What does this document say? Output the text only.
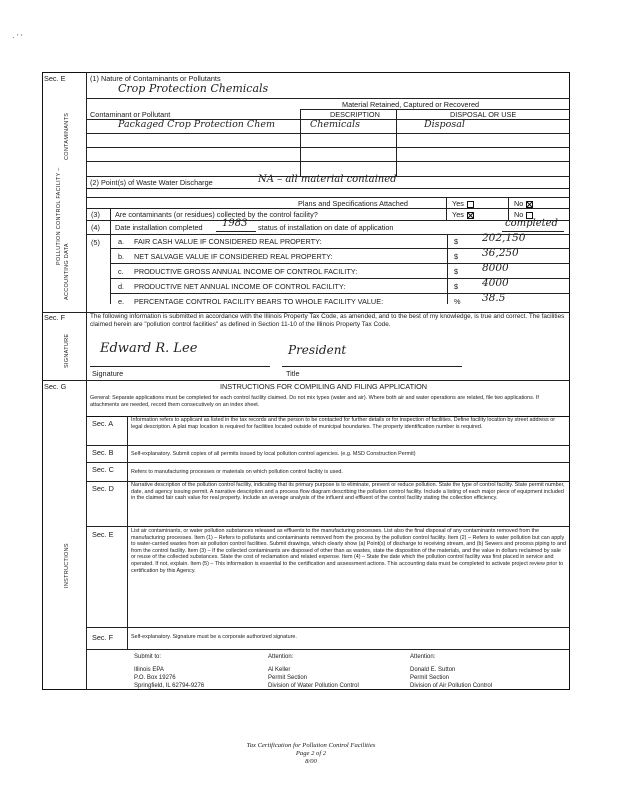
· ’ ‘
Sec. E
Sec. F
Sec. G
CONTAMINANTS
POLLUTION CONTROL FACILITY –
ACCOUNTING DATA
SIGNATURE
INSTRUCTIONS
(1) Nature of Contaminants or Pollutants
Crop Protection Chemicals
Material Retained, Captured or Recovered
Contaminant or Pollutant	DESCRIPTION	DISPOSAL OR USE
Packaged Crop Protection Chem	Chemicals	Disposal
(2) Point(s) of Waste Water Discharge	NA – all material contained
Plans and Specifications Attached	Yes	No
(3) Are contaminants (or residues) collected by the control facility?	Yes	No
(4) Date installation completed 1983 status of installation on date of application	completed
(5) a. FAIR CASH VALUE IF CONSIDERED REAL PROPERTY:	$ 202,150
b. NET SALVAGE VALUE IF CONSIDERED REAL PROPERTY:	$ 36,250
c. PRODUCTIVE GROSS ANNUAL INCOME OF CONTROL FACILITY:	$ 8000
d. PRODUCTIVE NET ANNUAL INCOME OF CONTROL FACILITY:	$ 4000
e. PERCENTAGE CONTROL FACILITY BEARS TO WHOLE FACILITY VALUE:	% 38.5
The following information is submitted in accordance with the Illinois Property Tax Code, as amended, and to the best of my knowledge, is true and correct. The facilities claimed herein are "pollution control facilities" as defined in Section 11-10 of the Illinois Property Tax Code.
Edward R. Lee	President
Signature	Title
INSTRUCTIONS FOR COMPILING AND FILING APPLICATION
General: Separate applications must be completed for each control facility claimed. Do not mix types (water and air). Where both air and water operations are related, file two applications. If attachments are needed, record them consecutively on an index sheet.
Sec. A	Information refers to applicant as listed in the tax records and the person to be contacted for further details or for inspection of facilities. Define facility location by street address or legal description. A plat map location is required for facilities located outside of municipal boundaries. The property identification number is required.
Sec. B	Self-explanatory. Submit copies of all permits issued by local pollution control agencies. (e.g. MSD Construction Permit)
Sec. C	Refers to manufacturing processes or materials on which pollution control facility is used.
Sec. D	Narrative description of the pollution control facility, indicating that its primary purpose is to eliminate, prevent or reduce pollution. State the type of control facility. State permit number, date, and agency issuing permit. A narrative description and a process flow diagram describing the pollution control facility. Include a listing of each major piece of equipment included in the claimed fair cash value for real property. Include an average analysis of the influent and effluent of the control facility stating the collection efficiency.
Sec. E	List air contaminants, or water pollution substances released as effluents to the manufacturing processes. List also the final disposal of any contaminants removed from the manufacturing processes. Item (1) – Refers to pollutants and contaminants removed from the process by the pollution control facility. Item (2) – Refers to water pollution but can apply to water-carried wastes from air pollution control facilities. Submit drawings, which clearly show (a) Point(s) of discharge to receiving stream, and (b) Sewers and process piping to and from the control facility. Item (3) – If the collected contaminants are disposed of other than as wastes, state the disposition of the materials, and the value in dollars reclaimed by sale or reuse of the collected substances. State the cost of reclamation and related expense. Item (4) – State the date which the pollution control facility was first placed in service and operated. If not, explain. Item (5) – This information is essential to the certification and assessment actions. This accounting data must be completed to activate project review prior to certification by this Agency.
Sec. F	Self-explanatory. Signature must be a corporate authorized signature.
Submit to:
Illinois EPA
P.O. Box 19276
Springfield, IL 62794-9276
Attention:
Al Keller
Permit Section
Division of Water Pollution Control
Attention:
Donald E. Sutton
Permit Section
Division of Air Pollution Control
Tax Certification for Pollution Control Facilities
Page 2 of 2
8/00
